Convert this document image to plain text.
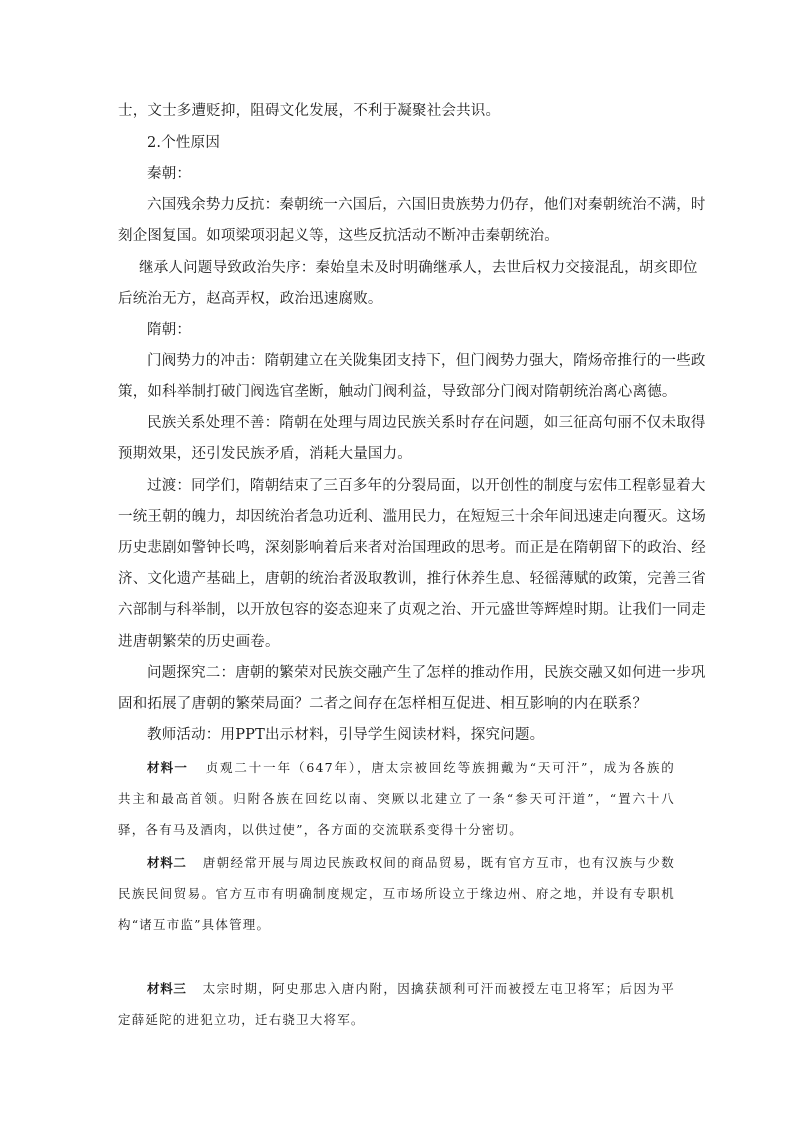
士，文士多遭贬抑，阻碍文化发展，不利于凝聚社会共识。
2.个性原因
秦朝：
六国残余势力反抗：秦朝统一六国后，六国旧贵族势力仍存，他们对秦朝统治不满，时
刻企图复国。如项梁项羽起义等，这些反抗活动不断冲击秦朝统治。
继承人问题导致政治失序：秦始皇未及时明确继承人，去世后权力交接混乱，胡亥即位
后统治无方，赵高弄权，政治迅速腐败。
隋朝：
门阀势力的冲击：隋朝建立在关陇集团支持下，但门阀势力强大，隋炀帝推行的一些政
策，如科举制打破门阀选官垄断，触动门阀利益，导致部分门阀对隋朝统治离心离德。
民族关系处理不善：隋朝在处理与周边民族关系时存在问题，如三征高句丽不仅未取得
预期效果，还引发民族矛盾，消耗大量国力。
过渡：同学们，隋朝结束了三百多年的分裂局面，以开创性的制度与宏伟工程彰显着大
一统王朝的魄力，却因统治者急功近利、滥用民力，在短短三十余年间迅速走向覆灭。这场
历史悲剧如警钟长鸣，深刻影响着后来者对治国理政的思考。而正是在隋朝留下的政治、经
济、文化遗产基础上，唐朝的统治者汲取教训，推行休养生息、轻徭薄赋的政策，完善三省
六部制与科举制，以开放包容的姿态迎来了贞观之治、开元盛世等辉煌时期。让我们一同走
进唐朝繁荣的历史画卷。
问题探究二：唐朝的繁荣对民族交融产生了怎样的推动作用，民族交融又如何进一步巩
固和拓展了唐朝的繁荣局面？二者之间存在怎样相互促进、相互影响的内在联系？
教师活动：用PPT出示材料，引导学生阅读材料，探究问题。
材料一 贞观二十一年（647年），唐太宗被回纥等族拥戴为“天可汗”，成为各族的
共主和最高首领。归附各族在回纥以南、突厥以北建立了一条“参天可汗道”，“置六十八
驿，各有马及酒肉，以供过使”，各方面的交流联系变得十分密切。
材料二 唐朝经常开展与周边民族政权间的商品贸易，既有官方互市，也有汉族与少数
民族民间贸易。官方互市有明确制度规定，互市场所设立于缘边州、府之地，并设有专职机
构“诸互市监”具体管理。
材料三 太宗时期，阿史那忠入唐内附，因擒获颉利可汗而被授左屯卫将军；后因为平
定薛延陀的进犯立功，迁右骁卫大将军。
